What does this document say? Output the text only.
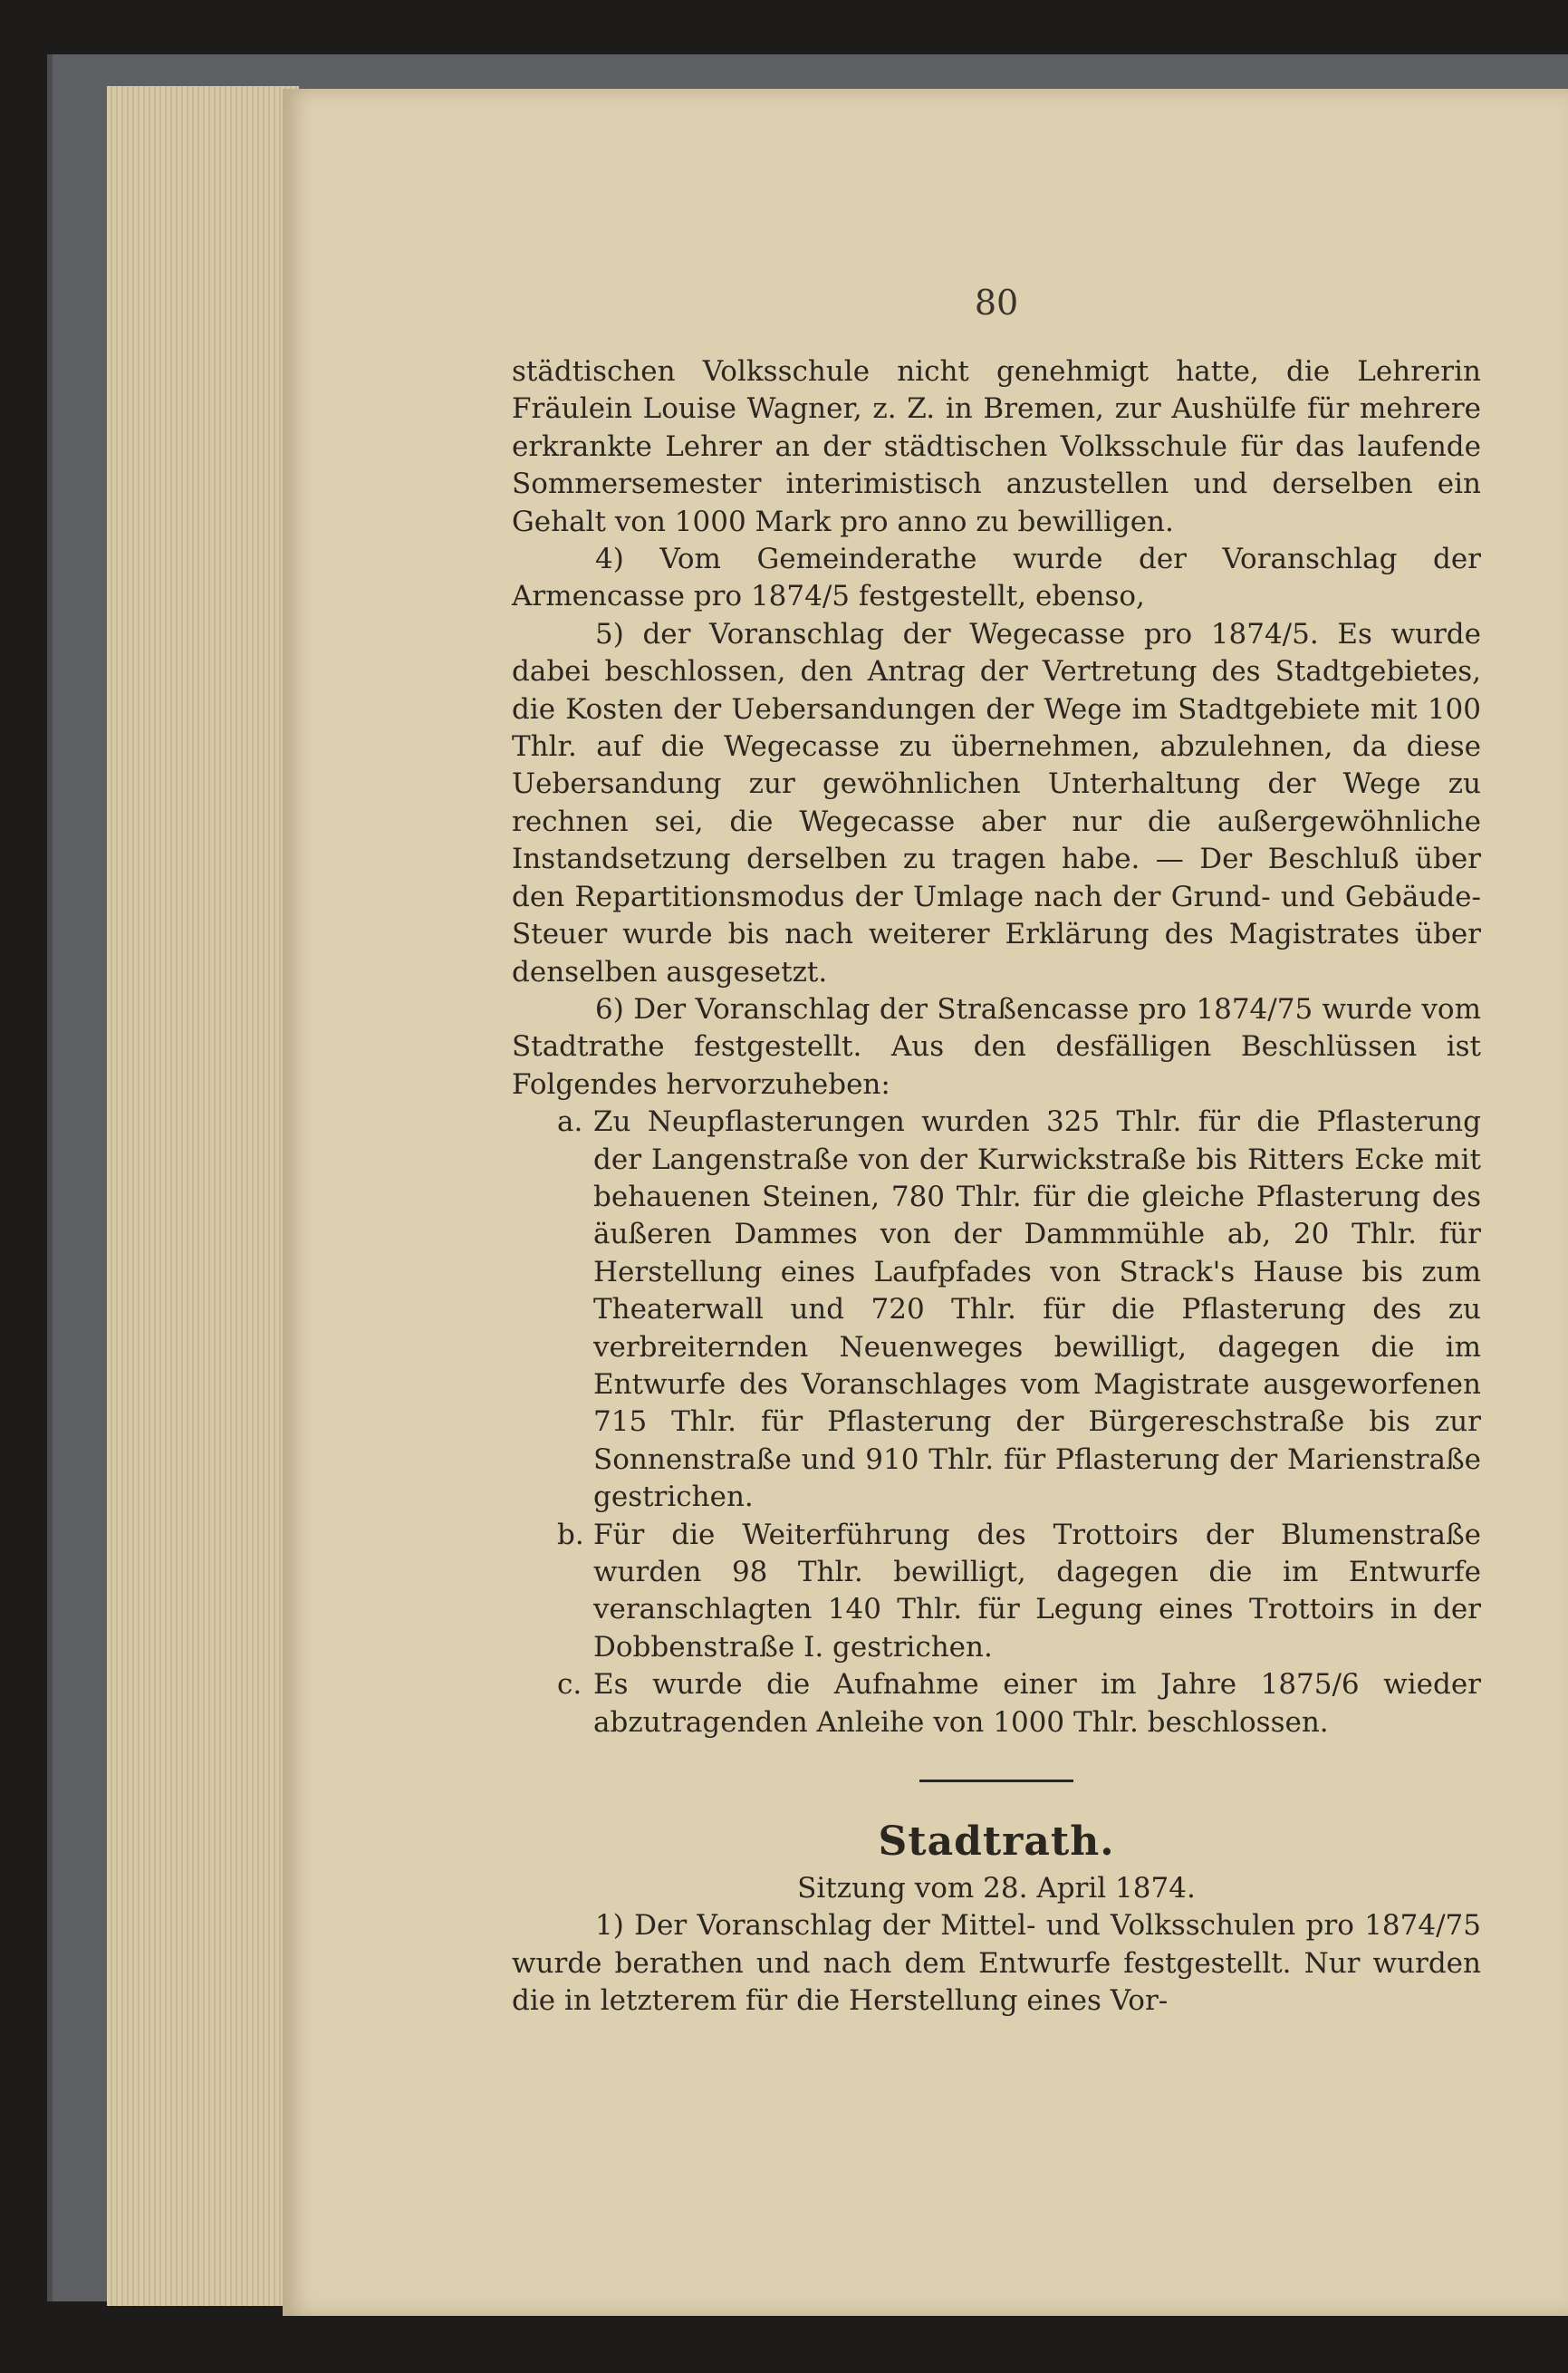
80

städtischen Volksschule nicht genehmigt hatte, die Lehrerin Fräulein Louise Wagner, z. Z. in Bremen, zur Aushülfe für mehrere erkrankte Lehrer an der städtischen Volksschule für das laufende Sommersemester interimistisch anzustellen und derselben ein Gehalt von 1000 Mark pro anno zu bewilligen.

4) Vom Gemeinderathe wurde der Voranschlag der Armencasse pro 1874/5 festgestellt, ebenso,

5) der Voranschlag der Wegecasse pro 1874/5. Es wurde dabei beschlossen, den Antrag der Vertretung des Stadtgebietes, die Kosten der Uebersandungen der Wege im Stadtgebiete mit 100 Thlr. auf die Wegecasse zu übernehmen, abzulehnen, da diese Uebersandung zur gewöhnlichen Unterhaltung der Wege zu rechnen sei, die Wegecasse aber nur die außergewöhnliche Instandsetzung derselben zu tragen habe. — Der Beschluß über den Repartitionsmodus der Umlage nach der Grund- und Gebäude-Steuer wurde bis nach weiterer Erklärung des Magistrates über denselben ausgesetzt.

6) Der Voranschlag der Straßencasse pro 1874/75 wurde vom Stadtrathe festgestellt. Aus den desfälligen Beschlüssen ist Folgendes hervorzuheben:

a. Zu Neupflasterungen wurden 325 Thlr. für die Pflasterung der Langenstraße von der Kurwickstraße bis Ritters Ecke mit behauenen Steinen, 780 Thlr. für die gleiche Pflasterung des äußeren Dammes von der Dammmühle ab, 20 Thlr. für Herstellung eines Laufpfades von Strack's Hause bis zum Theaterwall und 720 Thlr. für die Pflasterung des zu verbreiternden Neuenweges bewilligt, dagegen die im Entwurfe des Voranschlages vom Magistrate ausgeworfenen 715 Thlr. für Pflasterung der Bürgereschstraße bis zur Sonnenstraße und 910 Thlr. für Pflasterung der Marienstraße gestrichen.
b. Für die Weiterführung des Trottoirs der Blumenstraße wurden 98 Thlr. bewilligt, dagegen die im Entwurfe veranschlagten 140 Thlr. für Legung eines Trottoirs in der Dobbenstraße I. gestrichen.
c. Es wurde die Aufnahme einer im Jahre 1875/6 wieder abzutragenden Anleihe von 1000 Thlr. beschlossen.
Stadtrath.

Sitzung vom 28. April 1874.

1) Der Voranschlag der Mittel- und Volksschulen pro 1874/75 wurde berathen und nach dem Entwurfe festgestellt. Nur wurden die in letzterem für die Herstellung eines Vor-
